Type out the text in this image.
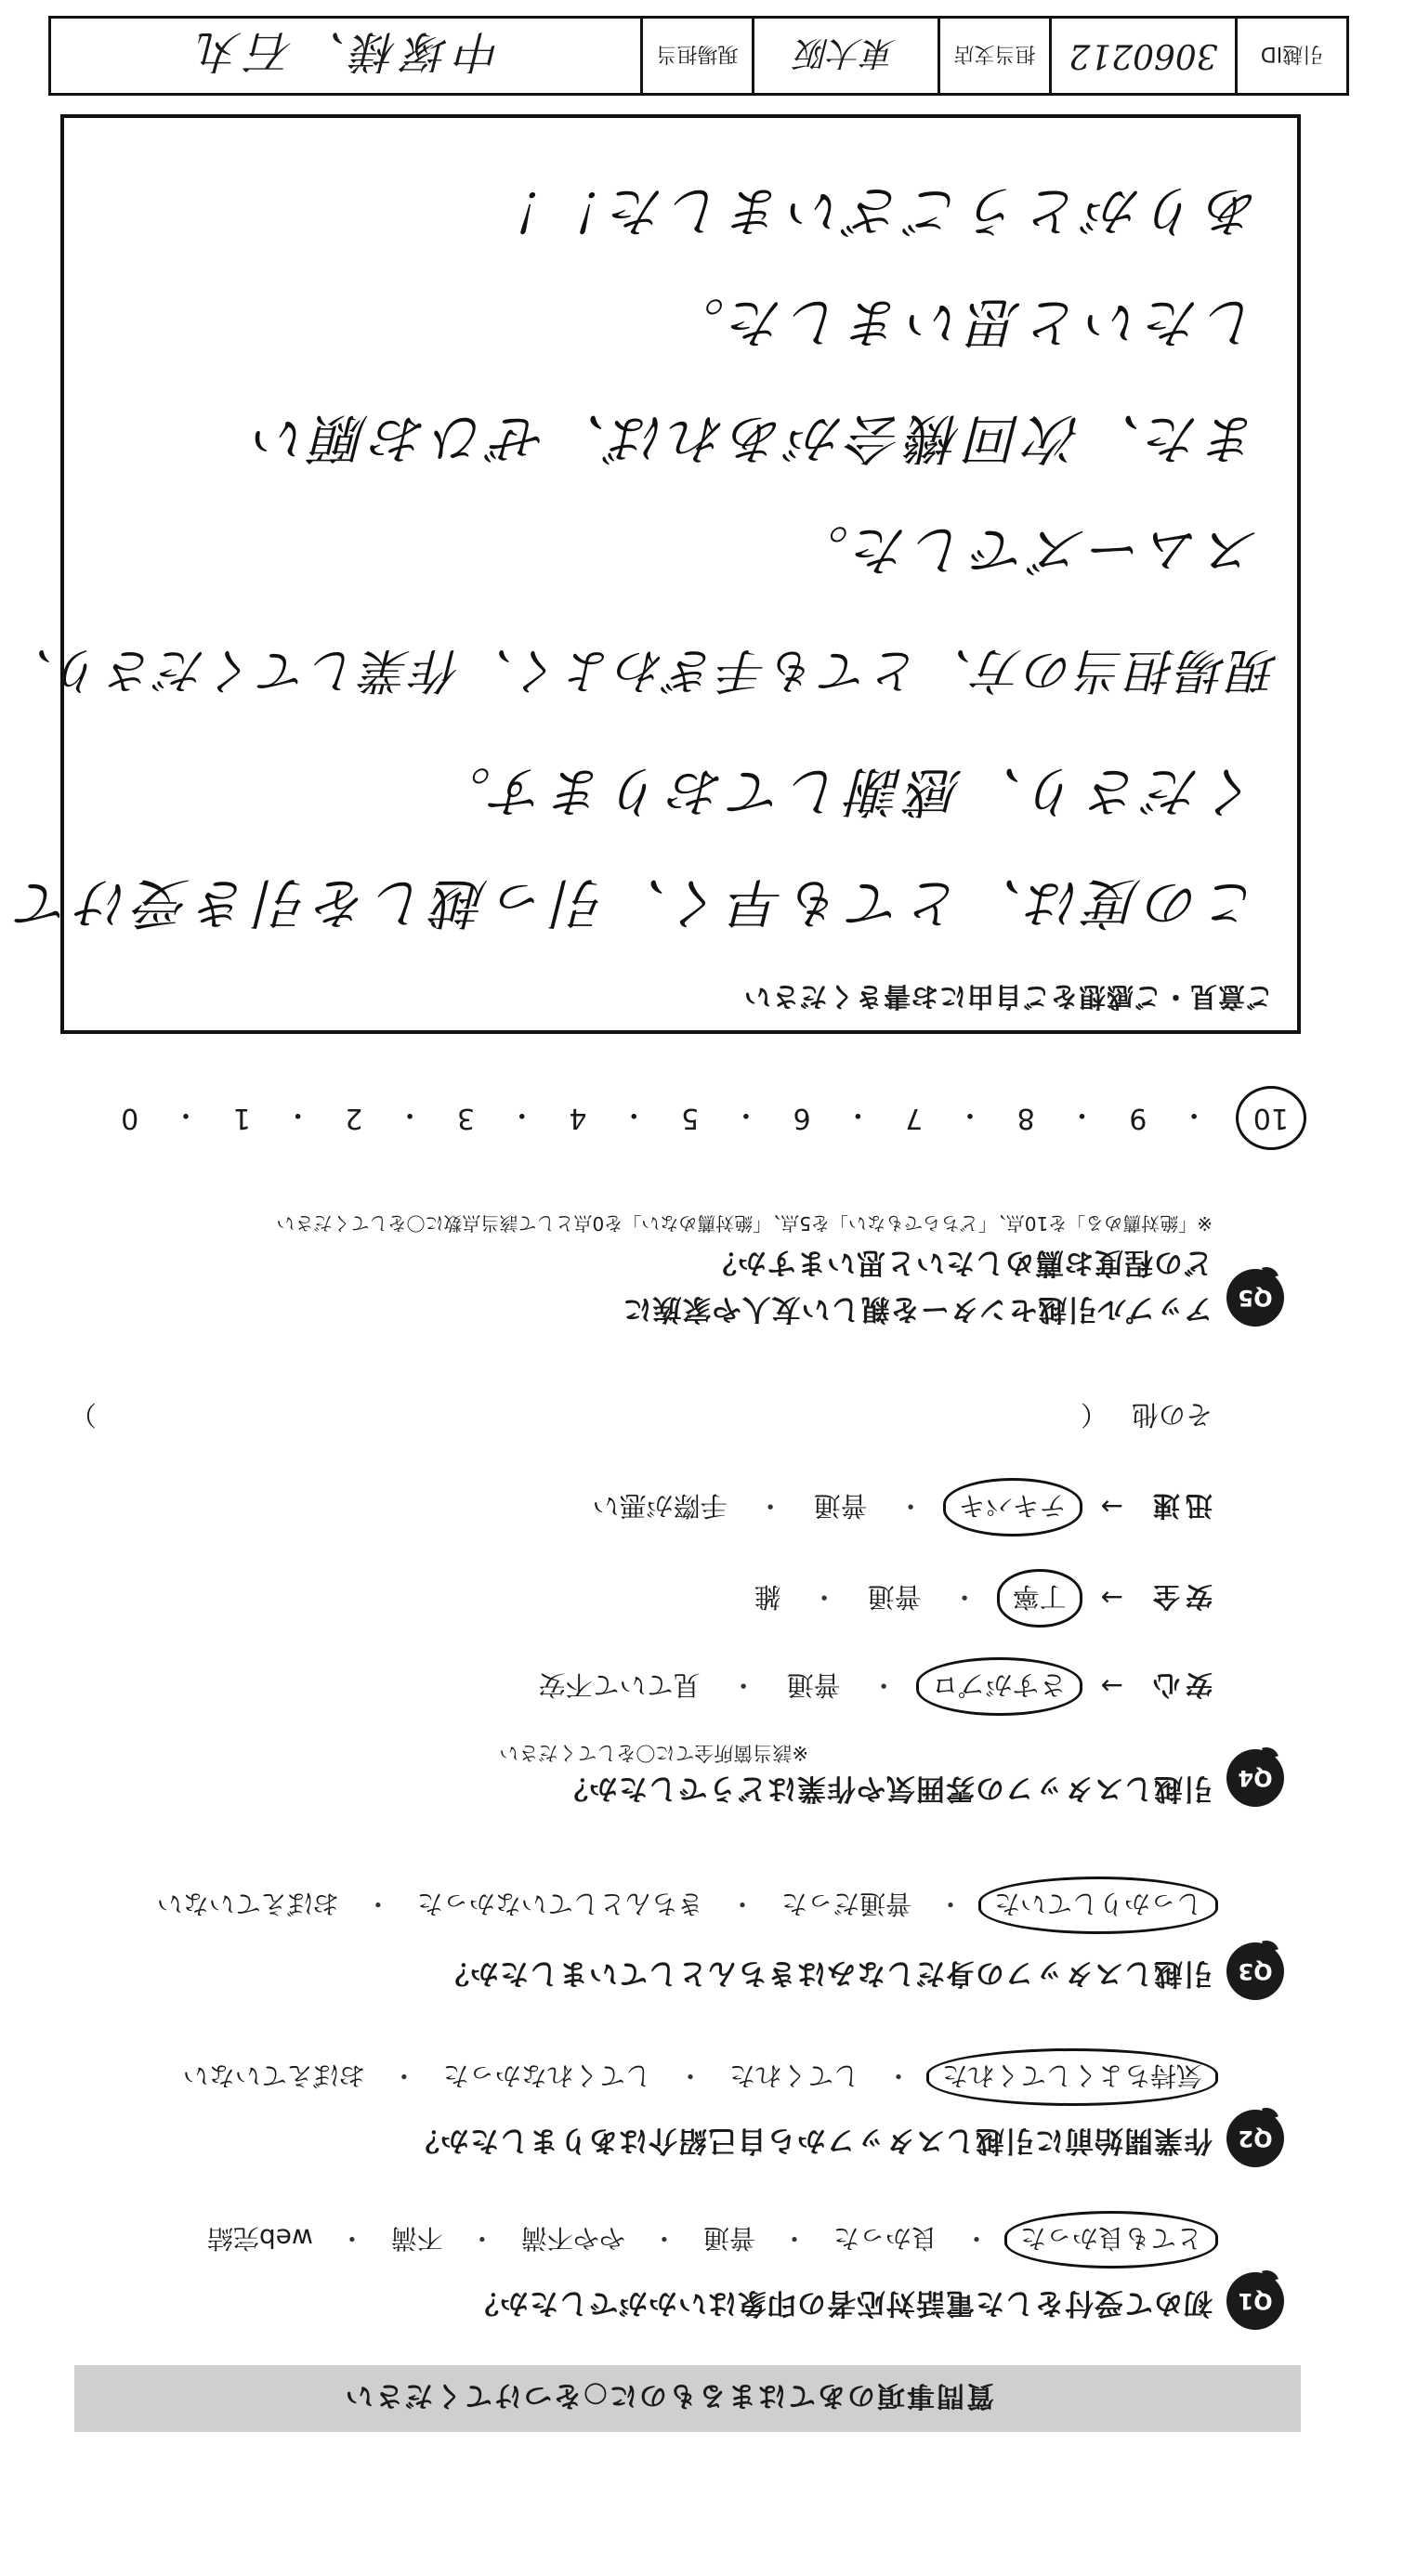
質問事項のあてはまるものに○をつけてください
Q1
初めて受付をした電話対応者の印象はいかがでしたか？
とても良かった
・
良かった
・
普通
・
やや不満
・
不満
・
web完結
Q2
作業開始前に引越しスタッフから自己紹介はありましたか？
気持ちよくしてくれた
・
してくれた
・
してくれなかった
・
おぼえていない
Q3
引越しスタッフの身だしなみはきちんとしていましたか？
しっかりしていた
・
普通だった
・
きちんとしていなかった
・
おぼえていない
Q4
引越しスタッフの雰囲気や作業はどうでしたか？
※該当箇所全てに〇をしてください
安心
→
さすがプロ
・
普通
・
見ていて不安
安全
→
丁寧
・
普通
・
雑
迅速
→
テキパキ
・
普通
・
手際が悪い
その他
（
）
Q5
アップル引越センターを親しい友人や家族に
どの程度お薦めしたいと思いますか？
※「絶対薦める」を10点、「どちらでもない」を5点、「絶対薦めない」を0点として該当点数に〇をしてください
10
・
9
・
8
・
7
・
6
・
5
・
4
・
3
・
2
・
1
・
0
ご意見・ご感想をご自由にお書きください
この度は、とても早く、引っ越しを引き受けて
くださり、感謝しております。
現場担当の方、とても手ぎわよく、作業してくださり、
スムーズでした。
また、次回機会があれば、ぜひお願い
したいと思いました。
ありがとうございました！！
引越ID
3060212
担当支店
東大阪
現場担当
中塚様、石丸
